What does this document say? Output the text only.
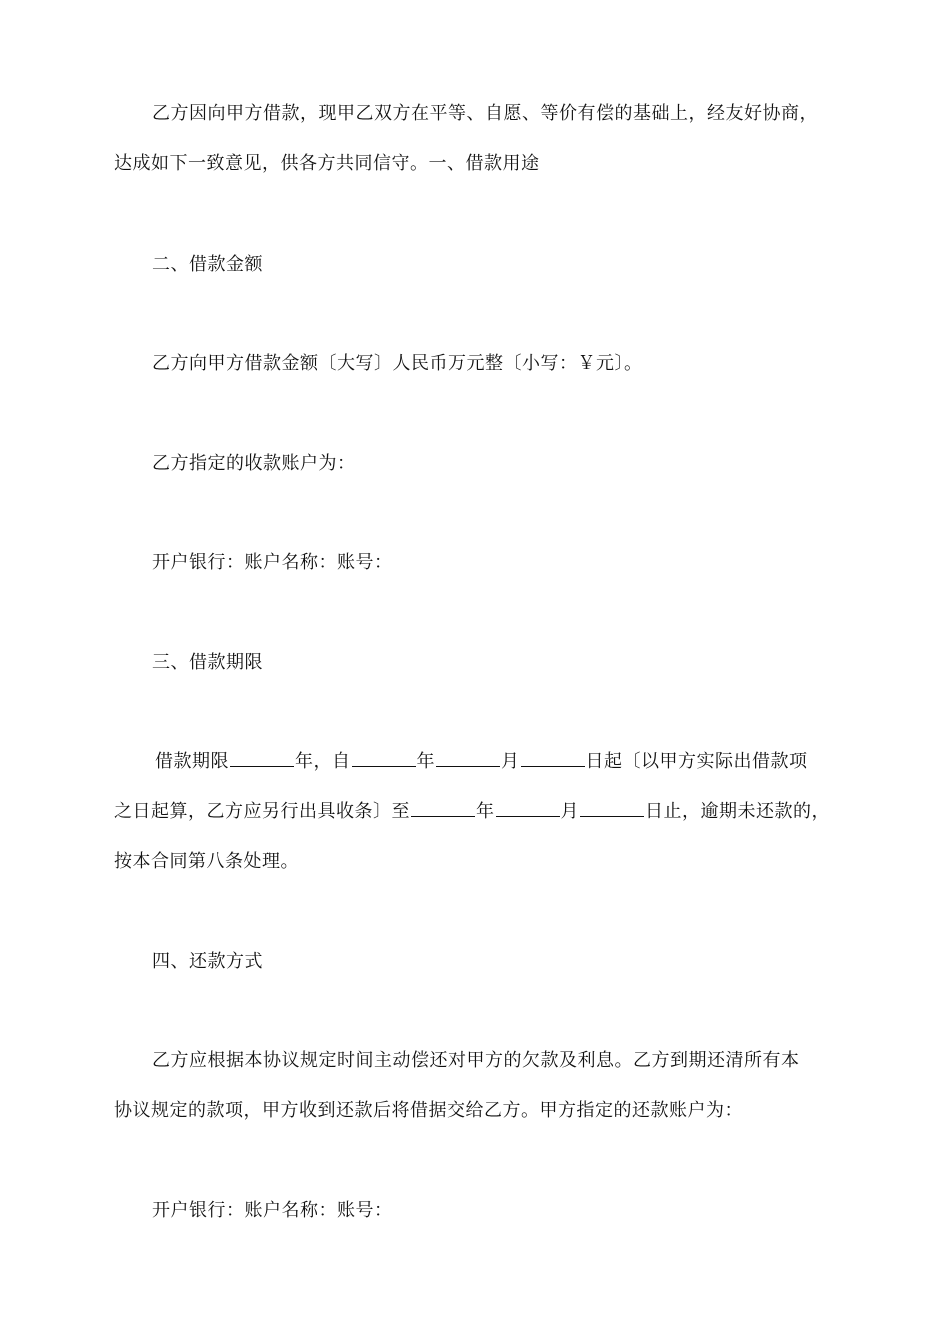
乙方因向甲方借款，现甲乙双方在平等、自愿、等价有偿的基础上，经友好协商，
达成如下一致意见，供各方共同信守。一、借款用途
二、借款金额
乙方向甲方借款金额〔大写〕人民币万元整〔小写：￥元〕。
乙方指定的收款账户为：
开户银行：账户名称：账号：
三、借款期限
借款期限	年，自	年	月	日起〔以甲方实际出借款项
之日起算，乙方应另行出具收条〕至	年	月	日止，逾期未还款的，
按本合同第八条处理。
四、还款方式
乙方应根据本协议规定时间主动偿还对甲方的欠款及利息。乙方到期还清所有本
协议规定的款项，甲方收到还款后将借据交给乙方。甲方指定的还款账户为：
开户银行：账户名称：账号：
